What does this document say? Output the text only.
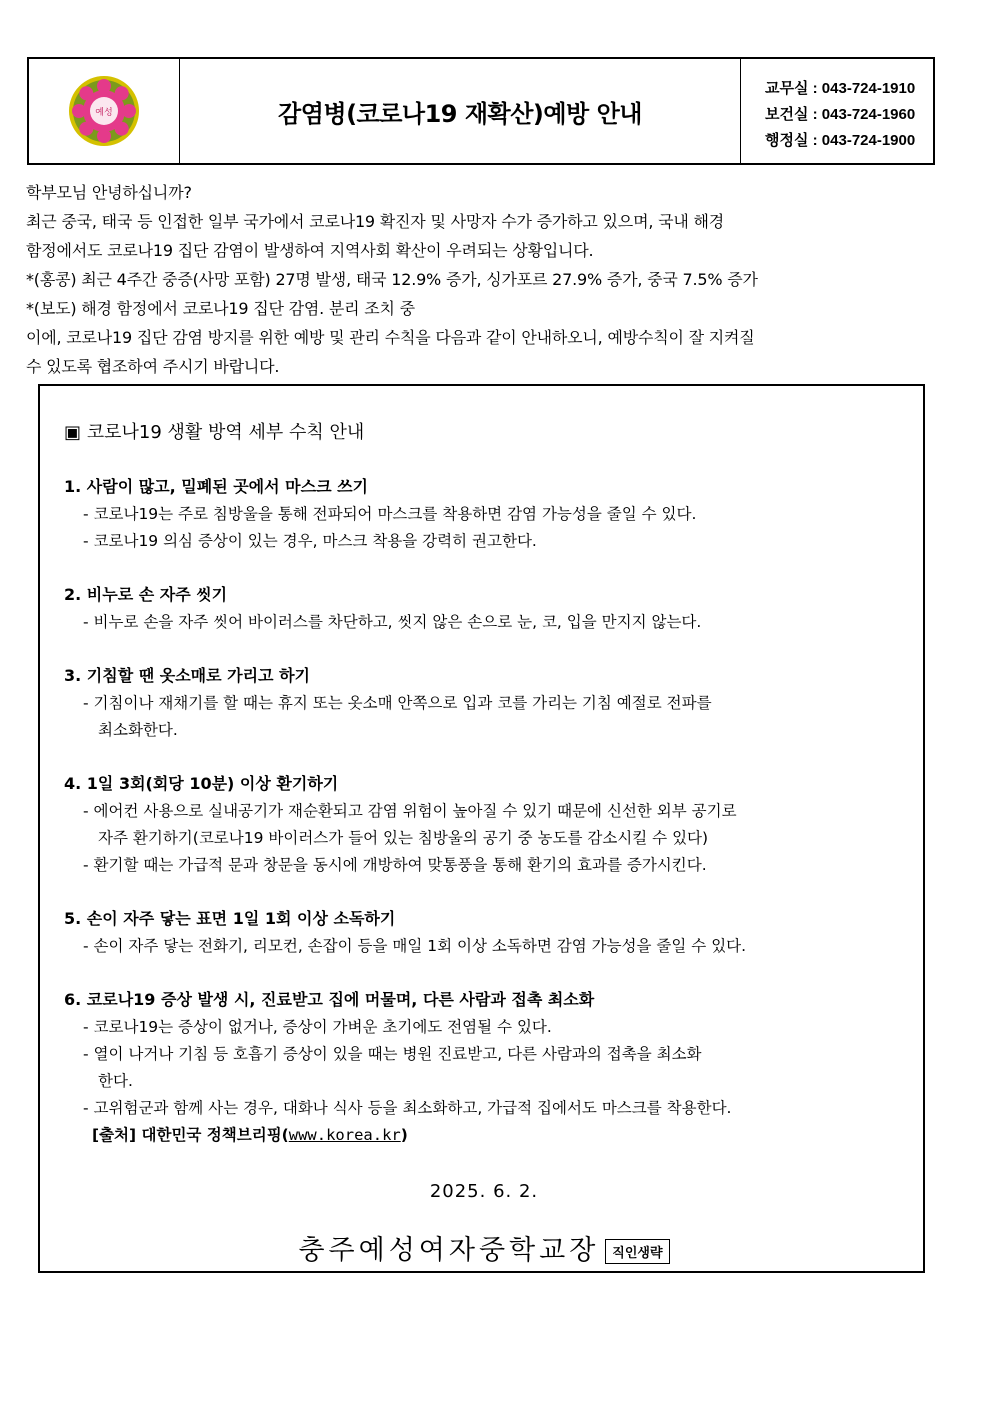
예성	감염병(코로나19 재확산)예방 안내
교무실 : 043-724-1910
보건실 : 043-724-1960
행정실 : 043-724-1900

학부모님 안녕하십니까?

최근 중국, 태국 등 인접한 일부 국가에서 코로나19 확진자 및 사망자 수가 증가하고 있으며, 국내 해경

함정에서도 코로나19 집단 감염이 발생하여 지역사회 확산이 우려되는 상황입니다.

*(홍콩) 최근 4주간 중증(사망 포함) 27명 발생, 태국 12.9% 증가, 싱가포르 27.9% 증가, 중국 7.5% 증가

*(보도) 해경 함정에서 코로나19 집단 감염. 분리 조치 중

이에, 코로나19 집단 감염 방지를 위한 예방 및 관리 수칙을 다음과 같이 안내하오니, 예방수칙이 잘 지켜질

수 있도록 협조하여 주시기 바랍니다.

▣ 코로나19 생활 방역 세부 수칙 안내
1. 사람이 많고, 밀폐된 곳에서 마스크 쓰기
- 코로나19는 주로 침방울을 통해 전파되어 마스크를 착용하면 감염 가능성을 줄일 수 있다.
- 코로나19 의심 증상이 있는 경우, 마스크 착용을 강력히 권고한다.
2. 비누로 손 자주 씻기
- 비누로 손을 자주 씻어 바이러스를 차단하고, 씻지 않은 손으로 눈, 코, 입을 만지지 않는다.
3. 기침할 땐 옷소매로 가리고 하기
- 기침이나 재채기를 할 때는 휴지 또는 옷소매 안쪽으로 입과 코를 가리는 기침 예절로 전파를
최소화한다.
4. 1일 3회(회당 10분) 이상 환기하기
- 에어컨 사용으로 실내공기가 재순환되고 감염 위험이 높아질 수 있기 때문에 신선한 외부 공기로
자주 환기하기(코로나19 바이러스가 들어 있는 침방울의 공기 중 농도를 감소시킬 수 있다)
- 환기할 때는 가급적 문과 창문을 동시에 개방하여 맞통풍을 통해 환기의 효과를 증가시킨다.
5. 손이 자주 닿는 표면 1일 1회 이상 소독하기
- 손이 자주 닿는 전화기, 리모컨, 손잡이 등을 매일 1회 이상 소독하면 감염 가능성을 줄일 수 있다.
6. 코로나19 증상 발생 시, 진료받고 집에 머물며, 다른 사람과 접촉 최소화
- 코로나19는 증상이 없거나, 증상이 가벼운 초기에도 전염될 수 있다.
- 열이 나거나 기침 등 호흡기 증상이 있을 때는 병원 진료받고, 다른 사람과의 접촉을 최소화
한다.
- 고위험군과 함께 사는 경우, 대화나 식사 등을 최소화하고, 가급적 집에서도 마스크를 착용한다.
[출처] 대한민국 정책브리핑(www.korea.kr)
2025. 6. 2.
충주예성여자중학교장 직인생략
